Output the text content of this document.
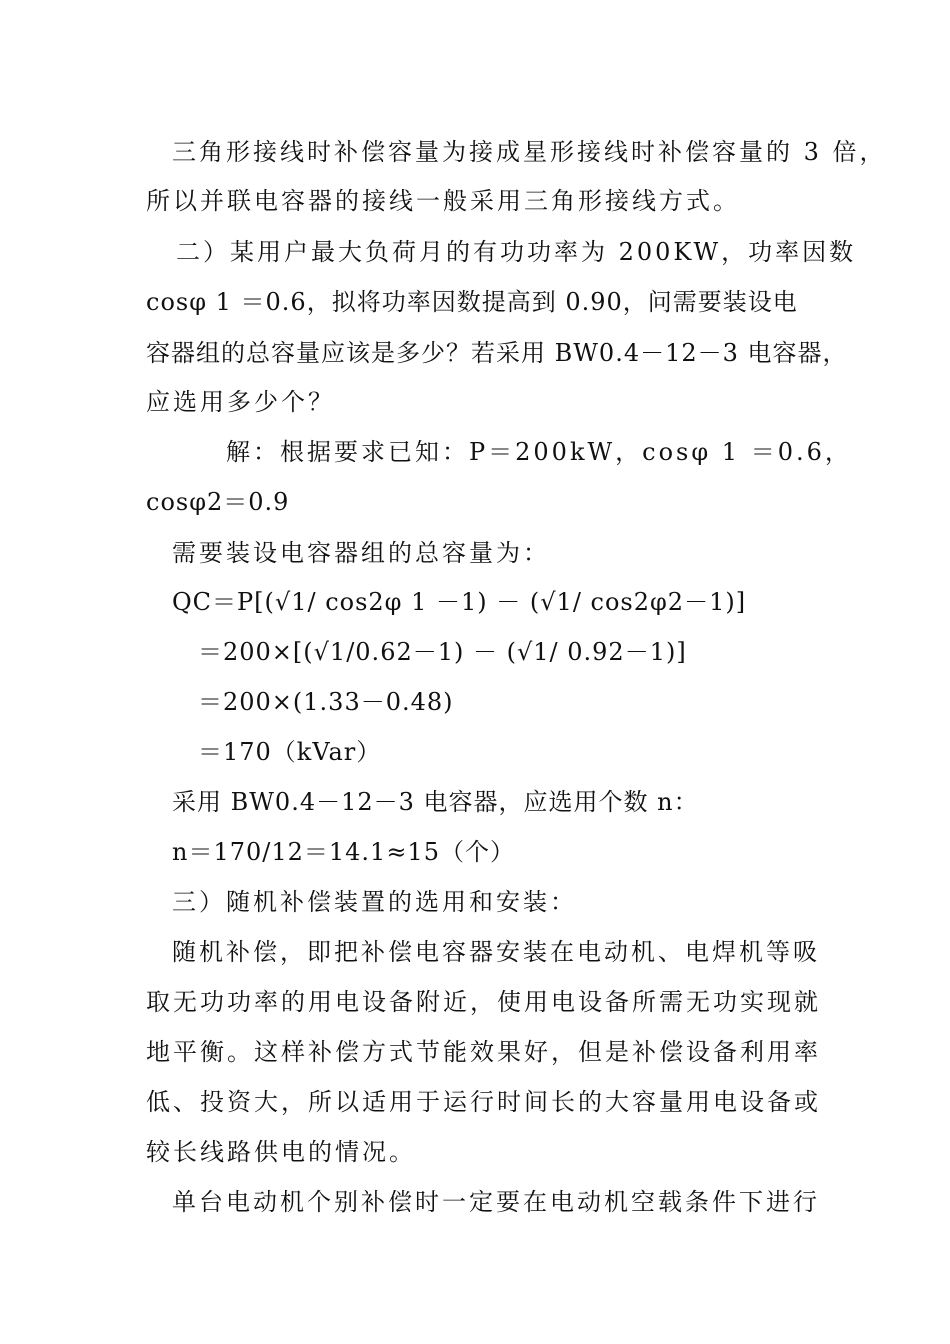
三角形接线时补偿容量为接成星形接线时补偿容量的 3 倍，
所以并联电容器的接线一般采用三角形接线方式。
二）某用户最大负荷月的有功功率为 200KW，功率因数
cosφ 1 ＝0.6，拟将功率因数提高到 0.90，问需要装设电
容器组的总容量应该是多少？若采用 BW0.4－12－3 电容器，
应选用多少个？
解：根据要求已知：P＝200kW，cosφ 1 ＝0.6，
cosφ2＝0.9
需要装设电容器组的总容量为：
QC＝P[(√1/ cos2φ 1 －1) － (√1/ cos2φ2－1)]
＝200×[(√1/0.62－1) － (√1/ 0.92－1)]
＝200×(1.33－0.48)
＝170（kVar）
采用 BW0.4－12－3 电容器，应选用个数 n：
n＝170/12＝14.1≈15（个）
三）随机补偿装置的选用和安装：
随机补偿，即把补偿电容器安装在电动机、电焊机等吸
取无功功率的用电设备附近，使用电设备所需无功实现就
地平衡。这样补偿方式节能效果好，但是补偿设备利用率
低、投资大，所以适用于运行时间长的大容量用电设备或
较长线路供电的情况。
单台电动机个别补偿时一定要在电动机空载条件下进行
